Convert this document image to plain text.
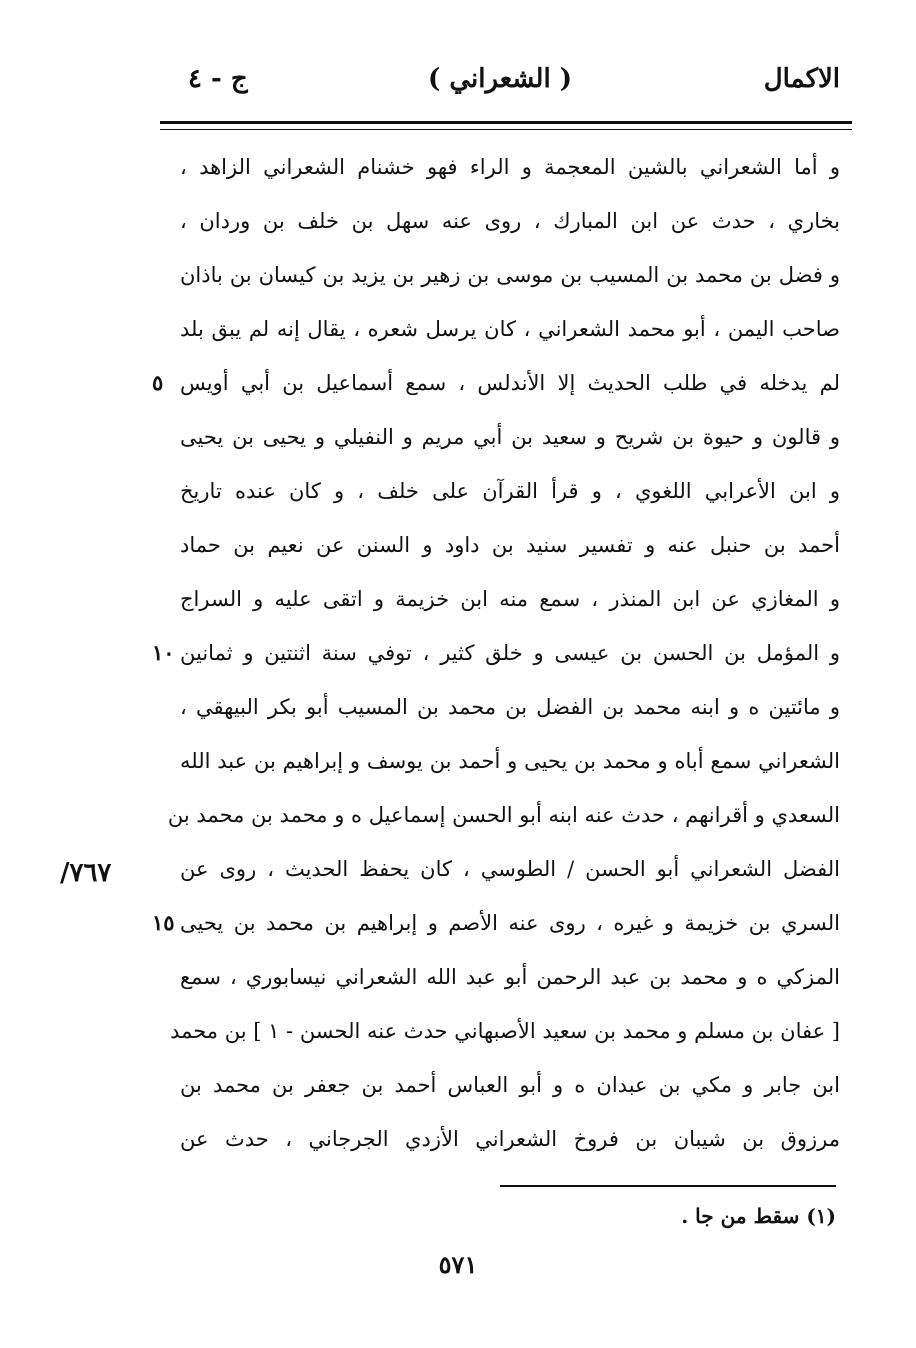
الاكمال
( الشعراني )
ج - ٤
/٧٦٧
و أما الشعراني بالشين المعجمة و الراء فهو خشنام الشعراني الزاهد ،
بخاري ، حدث عن ابن المبارك ، روى عنه سهل بن خلف بن وردان ،
و فضل بن محمد بن المسيب بن موسى بن زهير بن يزيد بن كيسان بن باذان
صاحب اليمن ، أبو محمد الشعراني ، كان يرسل شعره ، يقال إنه لم يبق بلد
لم يدخله في طلب الحديث إلا الأندلس ، سمع أسماعيل بن أبي أويس
٥
و قالون و حيوة بن شريح و سعيد بن أبي مريم و النفيلي و يحيى بن يحيى
و ابن الأعرابي اللغوي ، و قرأ القرآن على خلف ، و كان عنده تاريخ
أحمد بن حنبل عنه و تفسير سنيد بن داود و السنن عن نعيم بن حماد
و المغازي عن ابن المنذر ، سمع منه ابن خزيمة و اتقى عليه و السراج
و المؤمل بن الحسن بن عيسى و خلق كثير ، توفي سنة اثنتين و ثمانين
١٠
و مائتين ه و ابنه محمد بن الفضل بن محمد بن المسيب أبو بكر البيهقي ،
الشعراني سمع أباه و محمد بن يحيى و أحمد بن يوسف و إبراهيم بن عبد الله
السعدي و أقرانهم ، حدث عنه ابنه أبو الحسن إسماعيل ه و محمد بن محمد بن
الفضل الشعراني أبو الحسن / الطوسي ، كان يحفظ الحديث ، روى عن
السري بن خزيمة و غيره ، روى عنه الأصم و إبراهيم بن محمد بن يحيى
١٥
المزكي ه و محمد بن عبد الرحمن أبو عبد الله الشعراني نيسابوري ، سمع
[ عفان بن مسلم و محمد بن سعيد الأصبهاني حدث عنه الحسن - ١ ] بن محمد
ابن جابر و مكي بن عبدان ه و أبو العباس أحمد بن جعفر بن محمد بن
مرزوق بن شيبان بن فروخ الشعراني الأزدي الجرجاني ، حدث عن
(١) سقط من جا .
٥٧١
